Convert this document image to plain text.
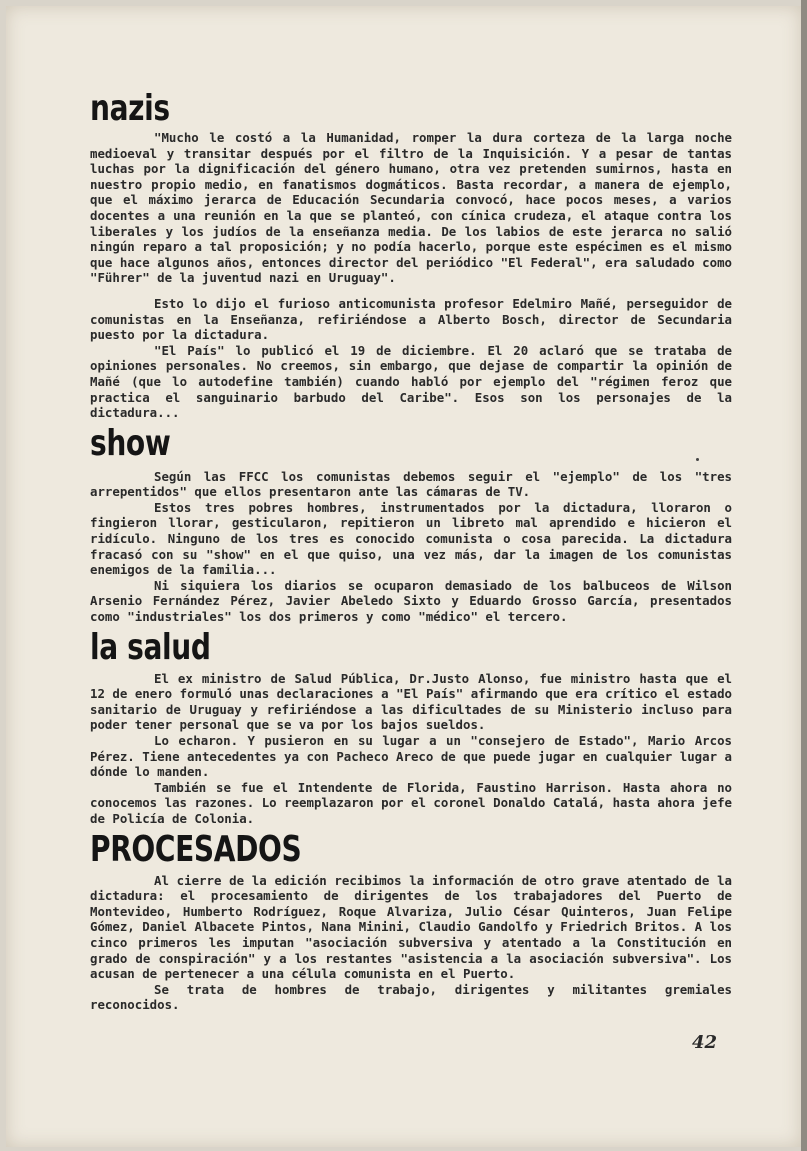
nazis

"Mucho le costó a la Humanidad, romper la dura corteza de la larga noche medioeval y transitar después por el filtro de la Inquisición. Y a pesar de tantas luchas por la dignificación del género humano, otra vez pretenden sumirnos, hasta en nuestro propio medio, en fanatismos dogmáticos. Basta recordar, a manera de ejemplo, que el máximo jerarca de Educación Secundaria convocó, hace pocos meses, a varios docentes a una reunión en la que se planteó, con cínica crudeza, el ataque contra los liberales y los judíos de la enseñanza media. De los labios de este jerarca no salió ningún reparo a tal proposición; y no podía hacerlo, porque este espécimen es el mismo que hace algunos años, entonces director del periódico "El Federal", era saludado como "Führer" de la juventud nazi en Uruguay".

Esto lo dijo el furioso anticomunista profesor Edelmiro Mañé, perseguidor de comunistas en la Enseñanza, refiriéndose a Alberto Bosch, director de Secundaria puesto por la dictadura.

"El País" lo publicó el 19 de diciembre. El 20 aclaró que se trataba de opiniones personales. No creemos, sin embargo, que dejase de compartir la opinión de Mañé (que lo autodefine también) cuando habló por ejemplo del "régimen feroz que practica el sanguinario barbudo del Caribe". Esos son los personajes de la dictadura...

show

Según las FFCC los comunistas debemos seguir el "ejemplo" de los "tres arrepentidos" que ellos presentaron ante las cámaras de TV.

Estos tres pobres hombres, instrumentados por la dictadura, lloraron o fingieron llorar, gesticularon, repitieron un libreto mal aprendido e hicieron el ridículo. Ninguno de los tres es conocido comunista o cosa parecida. La dictadura fracasó con su "show" en el que quiso, una vez más, dar la imagen de los comunistas enemigos de la familia...

Ni siquiera los diarios se ocuparon demasiado de los balbuceos de Wilson Arsenio Fernández Pérez, Javier Abeledo Sixto y Eduardo Grosso García, presentados como "industriales" los dos primeros y como "médico" el tercero.

la salud

El ex ministro de Salud Pública, Dr.Justo Alonso, fue ministro hasta que el 12 de enero formuló unas declaraciones a "El País" afirmando que era crítico el estado sanitario de Uruguay y refiriéndose a las dificultades de su Ministerio incluso para poder tener personal que se va por los bajos sueldos.

Lo echaron. Y pusieron en su lugar a un "consejero de Estado", Mario Arcos Pérez. Tiene antecedentes ya con Pacheco Areco de que puede jugar en cualquier lugar a dónde lo manden.

También se fue el Intendente de Florida, Faustino Harrison. Hasta ahora no conocemos las razones. Lo reemplazaron por el coronel Donaldo Catalá, hasta ahora jefe de Policía de Colonia.

PROCESADOS

Al cierre de la edición recibimos la información de otro grave atentado de la dictadura: el procesamiento de dirigentes de los trabajadores del Puerto de Montevideo, Humberto Rodríguez, Roque Alvariza, Julio César Quinteros, Juan Felipe Gómez, Daniel Albacete Pintos, Nana Minini, Claudio Gandolfo y Friedrich Britos. A los cinco primeros les imputan "asociación subversiva y atentado a la Constitución en grado de conspiración" y a los restantes "asistencia a la asociación subversiva". Los acusan de pertenecer a una célula comunista en el Puerto.

Se trata de hombres de trabajo, dirigentes y militantes gremiales reconocidos.

42
